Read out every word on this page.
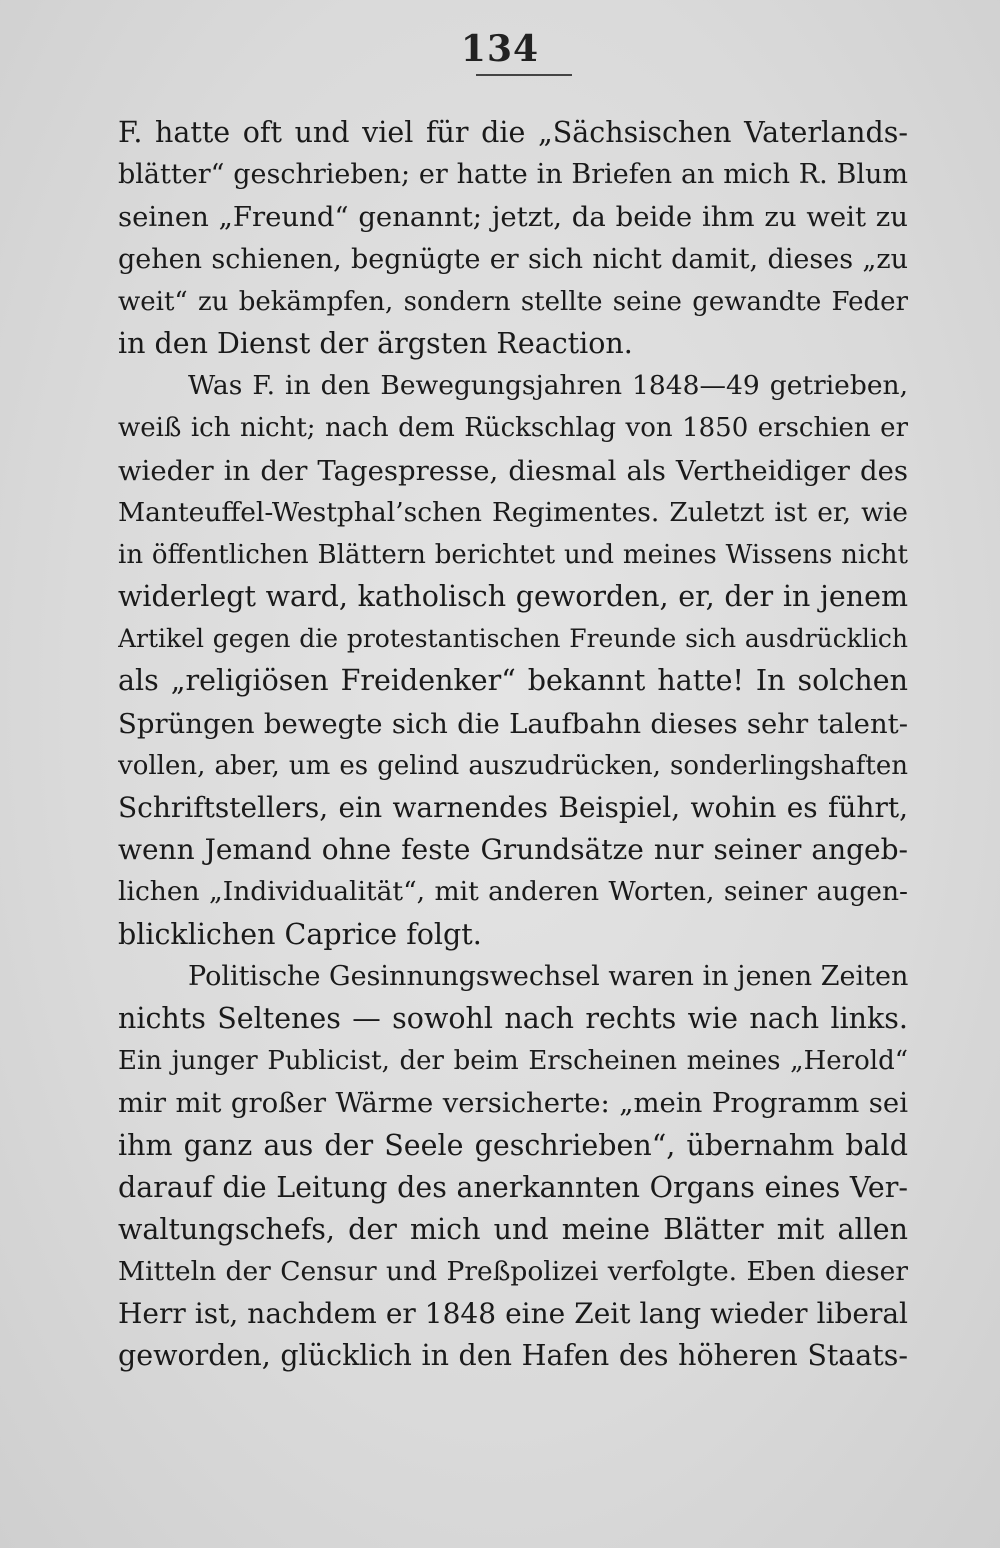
134
F. hatte oft und viel für die „Sächsischen Vaterlands-
blätter“ geschrieben; er hatte in Briefen an mich R. Blum
seinen „Freund“ genannt; jetzt, da beide ihm zu weit zu
gehen schienen, begnügte er sich nicht damit, dieses „zu
weit“ zu bekämpfen, sondern stellte seine gewandte Feder
in den Dienst der ärgsten Reaction.
Was F. in den Bewegungsjahren 1848—49 getrieben,
weiß ich nicht; nach dem Rückschlag von 1850 erschien er
wieder in der Tagespresse, diesmal als Vertheidiger des
Manteuffel-Westphal’schen Regimentes. Zuletzt ist er, wie
in öffentlichen Blättern berichtet und meines Wissens nicht
widerlegt ward, katholisch geworden, er, der in jenem
Artikel gegen die protestantischen Freunde sich ausdrücklich
als „religiösen Freidenker“ bekannt hatte! In solchen
Sprüngen bewegte sich die Laufbahn dieses sehr talent-
vollen, aber, um es gelind auszudrücken, sonderlingshaften
Schriftstellers, ein warnendes Beispiel, wohin es führt,
wenn Jemand ohne feste Grundsätze nur seiner angeb-
lichen „Individualität“, mit anderen Worten, seiner augen-
blicklichen Caprice folgt.
Politische Gesinnungswechsel waren in jenen Zeiten
nichts Seltenes — sowohl nach rechts wie nach links.
Ein junger Publicist, der beim Erscheinen meines „Herold“
mir mit großer Wärme versicherte: „mein Programm sei
ihm ganz aus der Seele geschrieben“, übernahm bald
darauf die Leitung des anerkannten Organs eines Ver-
waltungschefs, der mich und meine Blätter mit allen
Mitteln der Censur und Preßpolizei verfolgte. Eben dieser
Herr ist, nachdem er 1848 eine Zeit lang wieder liberal
geworden, glücklich in den Hafen des höheren Staats-
